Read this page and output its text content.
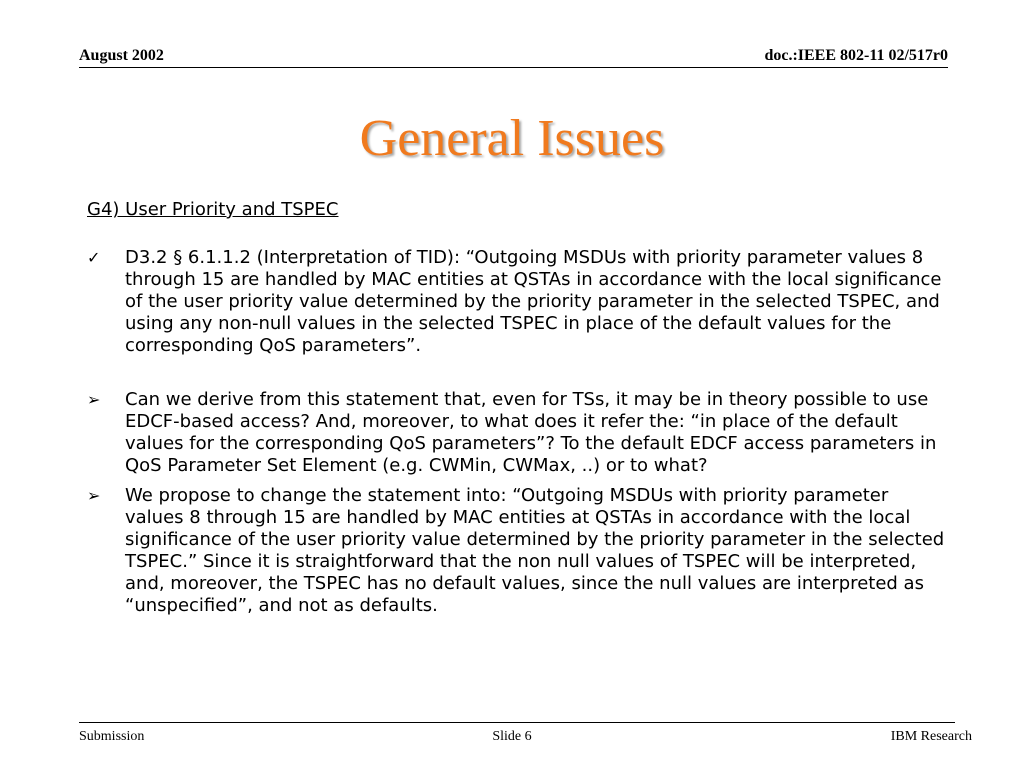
August 2002	doc.:IEEE 802-11 02/517r0
General Issues

G4) User Priority and TSPEC

✓	D3.2 § 6.1.1.2 (Interpretation of TID): “Outgoing MSDUs with priority parameter values 8 through 15 are handled by MAC entities at QSTAs in accordance with the local significance of the user priority value determined by the priority parameter in the selected TSPEC, and using any non-null values in the selected TSPEC in place of the default values for the corresponding QoS parameters”.
➢	Can we derive from this statement that, even for TSs, it may be in theory possible to use EDCF-based access? And, moreover, to what does it refer the: “in place of the default values for the corresponding QoS parameters”? To the default EDCF access parameters in QoS Parameter Set Element (e.g. CWMin, CWMax, ..) or to what?
➢	We propose to change the statement into: “Outgoing MSDUs with priority parameter values 8 through 15 are handled by MAC entities at QSTAs in accordance with the local significance of the user priority value determined by the priority parameter in the selected TSPEC.” Since it is straightforward that the non null values of TSPEC will be interpreted, and, moreover, the TSPEC has no default values, since the null values are interpreted as “unspecified”, and not as defaults.
Submission	Slide 6	IBM Research
